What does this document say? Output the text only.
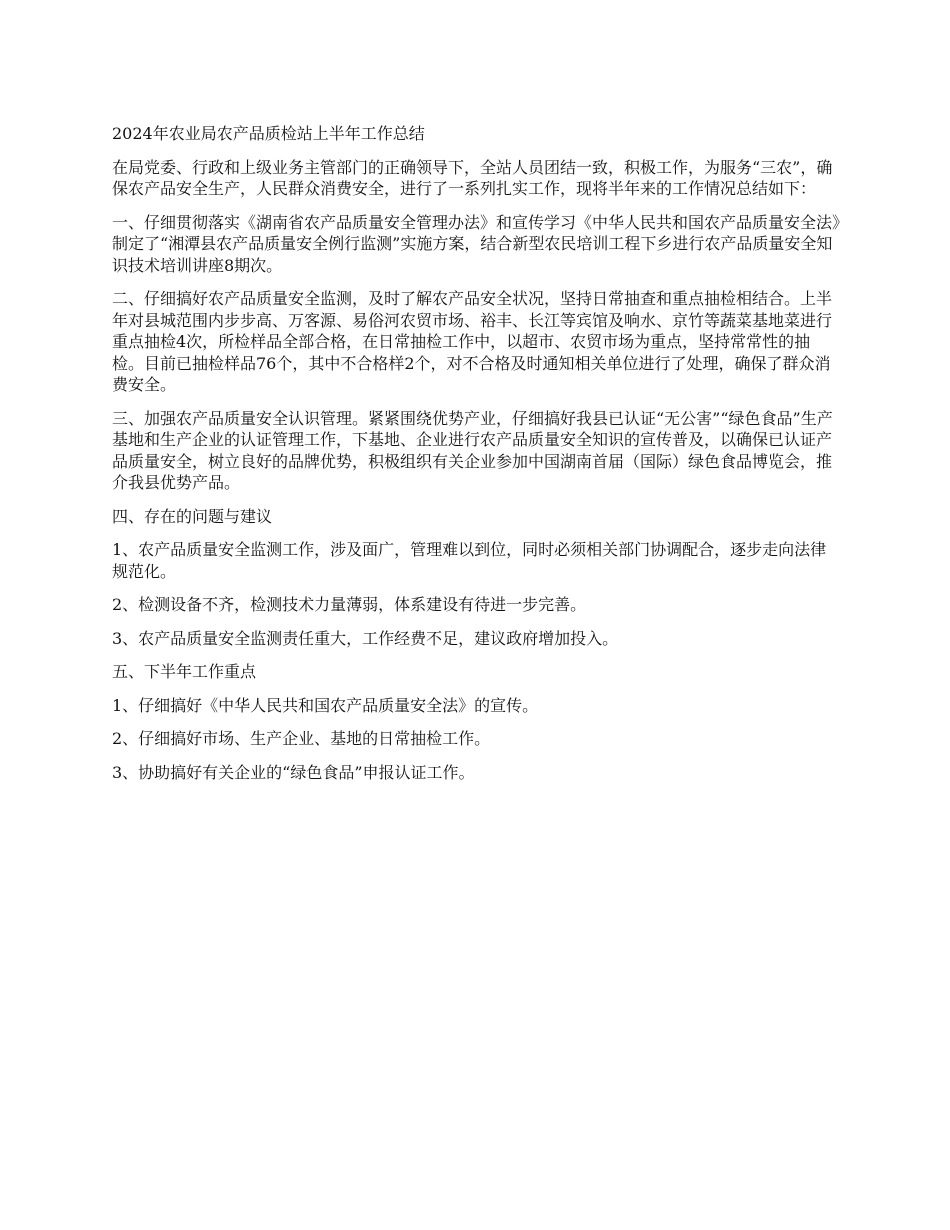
2024年农业局农产品质检站上半年工作总结

在局党委、行政和上级业务主管部门的正确领导下，全站人员团结一致，积极工作，为服务“三农”，确保农产品安全生产，人民群众消费安全，进行了一系列扎实工作，现将半年来的工作情况总结如下：

一、仔细贯彻落实《湖南省农产品质量安全管理办法》和宣传学习《中华人民共和国农产品质量安全法》制定了“湘潭县农产品质量安全例行监测”实施方案，结合新型农民培训工程下乡进行农产品质量安全知识技术培训讲座8期次。

二、仔细搞好农产品质量安全监测，及时了解农产品安全状况，坚持日常抽查和重点抽检相结合。上半年对县城范围内步步高、万客源、易俗河农贸市场、裕丰、长江等宾馆及响水、京竹等蔬菜基地菜进行重点抽检4次，所检样品全部合格，在日常抽检工作中，以超市、农贸市场为重点，坚持常常性的抽检。目前已抽检样品76个，其中不合格样2个，对不合格及时通知相关单位进行了处理，确保了群众消费安全。

三、加强农产品质量安全认识管理。紧紧围绕优势产业，仔细搞好我县已认证“无公害”“绿色食品”生产基地和生产企业的认证管理工作，下基地、企业进行农产品质量安全知识的宣传普及，以确保已认证产品质量安全，树立良好的品牌优势，积极组织有关企业参加中国湖南首届（国际）绿色食品博览会，推介我县优势产品。

四、存在的问题与建议

1、农产品质量安全监测工作，涉及面广，管理难以到位，同时必须相关部门协调配合，逐步走向法律规范化。

2、检测设备不齐，检测技术力量薄弱，体系建设有待进一步完善。

3、农产品质量安全监测责任重大，工作经费不足，建议政府增加投入。

五、下半年工作重点

1、仔细搞好《中华人民共和国农产品质量安全法》的宣传。

2、仔细搞好市场、生产企业、基地的日常抽检工作。

3、协助搞好有关企业的“绿色食品”申报认证工作。
